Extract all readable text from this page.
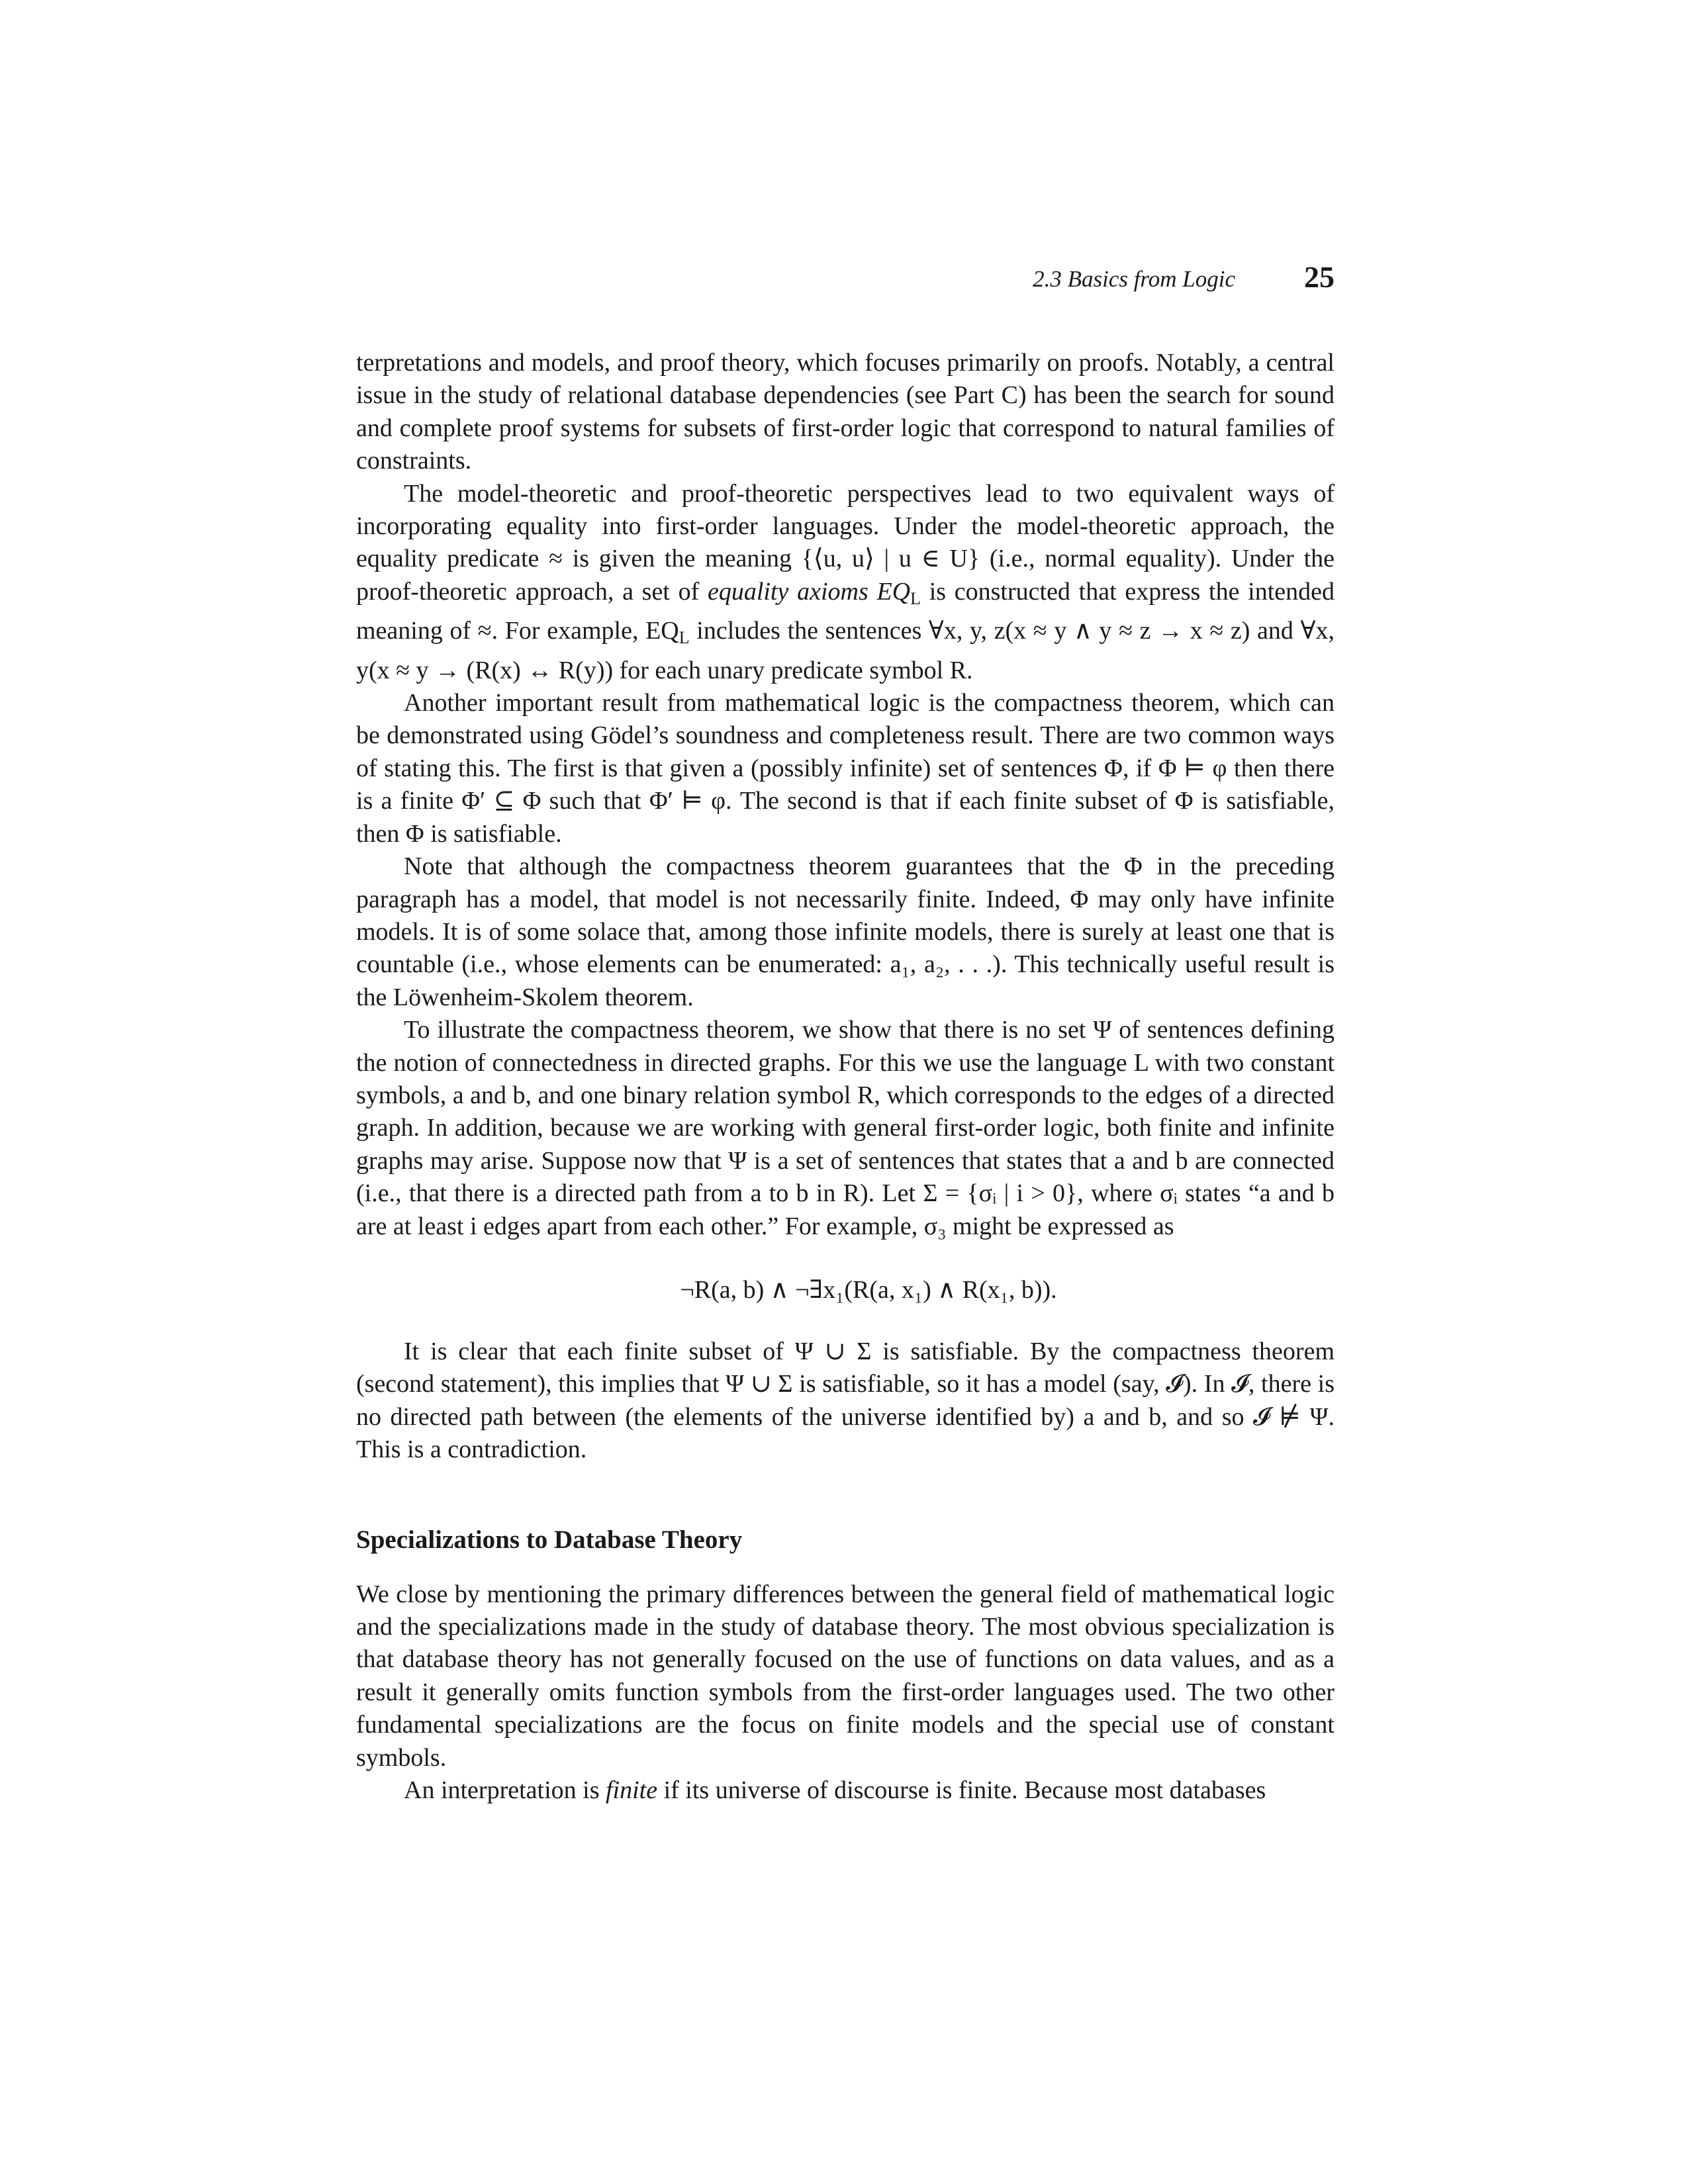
2.3 Basics from Logic 25

terpretations and models, and proof theory, which focuses primarily on proofs. Notably, a central issue in the study of relational database dependencies (see Part C) has been the search for sound and complete proof systems for subsets of first-order logic that correspond to natural families of constraints.

The model-theoretic and proof-theoretic perspectives lead to two equivalent ways of incorporating equality into first-order languages. Under the model-theoretic approach, the equality predicate ≈ is given the meaning {⟨u, u⟩ | u ∈ U} (i.e., normal equality). Under the proof-theoretic approach, a set of equality axioms EQL is constructed that express the intended meaning of ≈. For example, EQL includes the sentences ∀x, y, z(x ≈ y ∧ y ≈ z → x ≈ z) and ∀x, y(x ≈ y → (R(x) ↔ R(y)) for each unary predicate symbol R.

Another important result from mathematical logic is the compactness theorem, which can be demonstrated using Gödel’s soundness and completeness result. There are two common ways of stating this. The first is that given a (possibly infinite) set of sentences Φ, if Φ ⊨ φ then there is a finite Φ′ ⊆ Φ such that Φ′ ⊨ φ. The second is that if each finite subset of Φ is satisfiable, then Φ is satisfiable.

Note that although the compactness theorem guarantees that the Φ in the preceding paragraph has a model, that model is not necessarily finite. Indeed, Φ may only have infinite models. It is of some solace that, among those infinite models, there is surely at least one that is countable (i.e., whose elements can be enumerated: a₁, a₂, . . .). This technically useful result is the Löwenheim-Skolem theorem.

To illustrate the compactness theorem, we show that there is no set Ψ of sentences defining the notion of connectedness in directed graphs. For this we use the language L with two constant symbols, a and b, and one binary relation symbol R, which corresponds to the edges of a directed graph. In addition, because we are working with general first-order logic, both finite and infinite graphs may arise. Suppose now that Ψ is a set of sentences that states that a and b are connected (i.e., that there is a directed path from a to b in R). Let Σ = {σᵢ | i > 0}, where σᵢ states “a and b are at least i edges apart from each other.” For example, σ₃ might be expressed as

¬R(a, b) ∧ ¬∃x₁(R(a, x₁) ∧ R(x₁, b)).

It is clear that each finite subset of Ψ ∪ Σ is satisfiable. By the compactness theorem (second statement), this implies that Ψ ∪ Σ is satisfiable, so it has a model (say, 𝓘). In 𝓘, there is no directed path between (the elements of the universe identified by) a and b, and so 𝓘 ⊭ Ψ. This is a contradiction.

Specializations to Database Theory

We close by mentioning the primary differences between the general field of mathematical logic and the specializations made in the study of database theory. The most obvious specialization is that database theory has not generally focused on the use of functions on data values, and as a result it generally omits function symbols from the first-order languages used. The two other fundamental specializations are the focus on finite models and the special use of constant symbols.

An interpretation is finite if its universe of discourse is finite. Because most databases
